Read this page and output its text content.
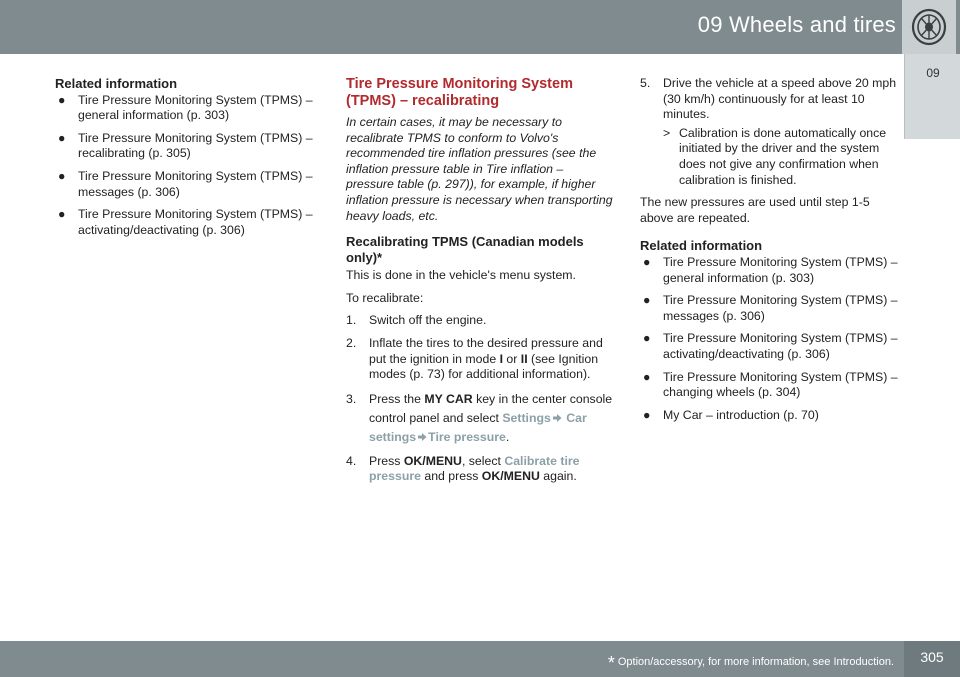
09 Wheels and tires
09
Related information
● Tire Pressure Monitoring System (TPMS) – general information (p. 303)
● Tire Pressure Monitoring System (TPMS) – recalibrating (p. 305)
● Tire Pressure Monitoring System (TPMS) – messages (p. 306)
● Tire Pressure Monitoring System (TPMS) – activating/deactivating (p. 306)
Tire Pressure Monitoring System (TPMS) – recalibrating

In certain cases, it may be necessary to recalibrate TPMS to conform to Volvo's recommended tire inflation pressures (see the inflation pressure table in Tire inflation – pressure table (p. 297)), for example, if higher inflation pressure is necessary when transporting heavy loads, etc.

Recalibrating TPMS (Canadian models only)*

This is done in the vehicle's menu system.

To recalibrate:

1. Switch off the engine.
2. Inflate the tires to the desired pressure and put the ignition in mode I or II (see Ignition modes (p. 73) for additional information).
3. Press the MY CAR key in the center console control panel and select Settings Car settings Tire pressure.
4. Press OK/MENU, select Calibrate tire pressure and press OK/MENU again.
5. Drive the vehicle at a speed above 20 mph (30 km/h) continuously for at least 10 minutes.
> Calibration is done automatically once initiated by the driver and the system does not give any confirmation when calibration is finished.

The new pressures are used until step 1-5 above are repeated.

Related information
● Tire Pressure Monitoring System (TPMS) – general information (p. 303)
● Tire Pressure Monitoring System (TPMS) – messages (p. 306)
● Tire Pressure Monitoring System (TPMS) – activating/deactivating (p. 306)
● Tire Pressure Monitoring System (TPMS) – changing wheels (p. 304)
● My Car – introduction (p. 70)
* Option/accessory, for more information, see Introduction.	305
